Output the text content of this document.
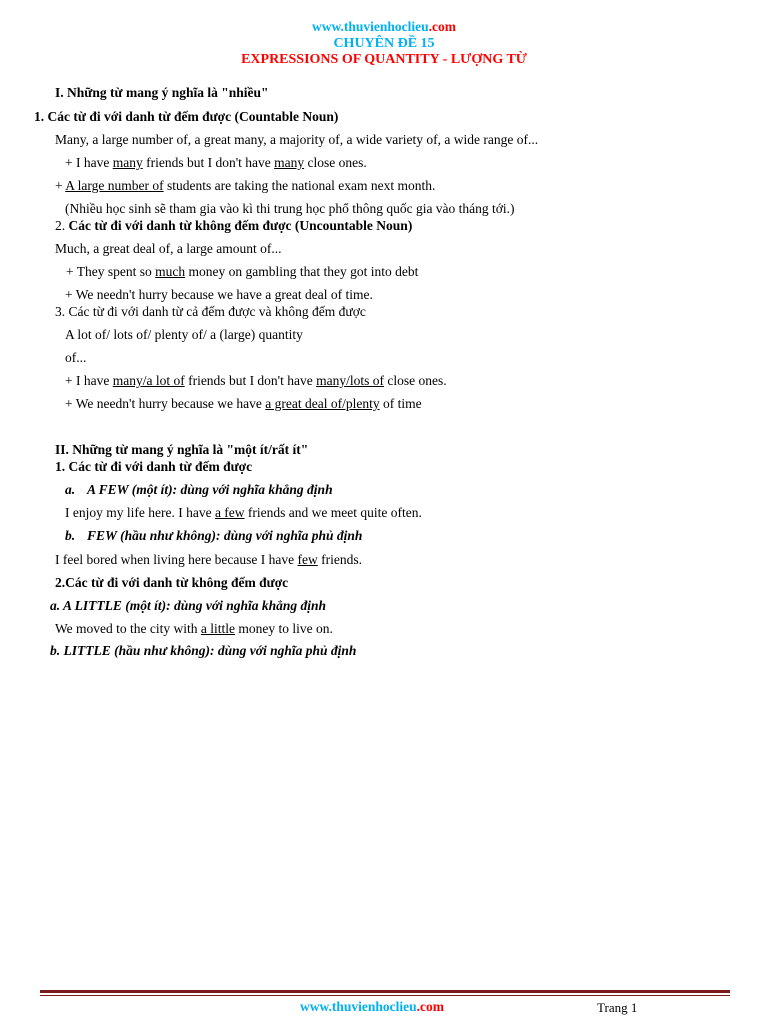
www.thuvienhoclieu.com
CHUYÊN ĐỀ 15
EXPRESSIONS OF QUANTITY - LƯỢNG TỪ
I. Những từ mang ý nghĩa là "nhiều"
1. Các từ đi với danh từ đếm được (Countable Noun)
Many, a large number of, a great many, a majority of, a wide variety of, a wide range of...
+ I have many friends but I don't have many close ones.
+ A large number of students are taking the national exam next month.
(Nhiều học sinh sẽ tham gia vào kì thi trung học phổ thông quốc gia vào tháng tới.)
2. Các từ đi với danh từ không đếm được (Uncountable Noun)
Much, a great deal of, a large amount of...
+ They spent so much money on gambling that they got into debt
+ We needn't hurry because we have a great deal of time.
3. Các từ đi với danh từ cả đếm được và không đếm được
A lot of/ lots of/ plenty of/ a (large) quantity
of...
+ I have many/a lot of friends but I don't have many/lots of close ones.
+ We needn't hurry because we have a great deal of/plenty of time
II. Những từ mang ý nghĩa là "một ít/rất ít"
1. Các từ đi với danh từ đếm được
a. A FEW (một ít): dùng với nghĩa khẳng định
I enjoy my life here. I have a few friends and we meet quite often.
b. FEW (hầu như không): dùng với nghĩa phủ định
I feel bored when living here because I have few friends.
2.Các từ đi với danh từ không đếm được
a. A LITTLE (một ít): dùng với nghĩa khẳng định
We moved to the city with a little money to live on.
b. LITTLE (hầu như không): dùng với nghĩa phủ định
www.thuvienhoclieu.com	Trang 1
